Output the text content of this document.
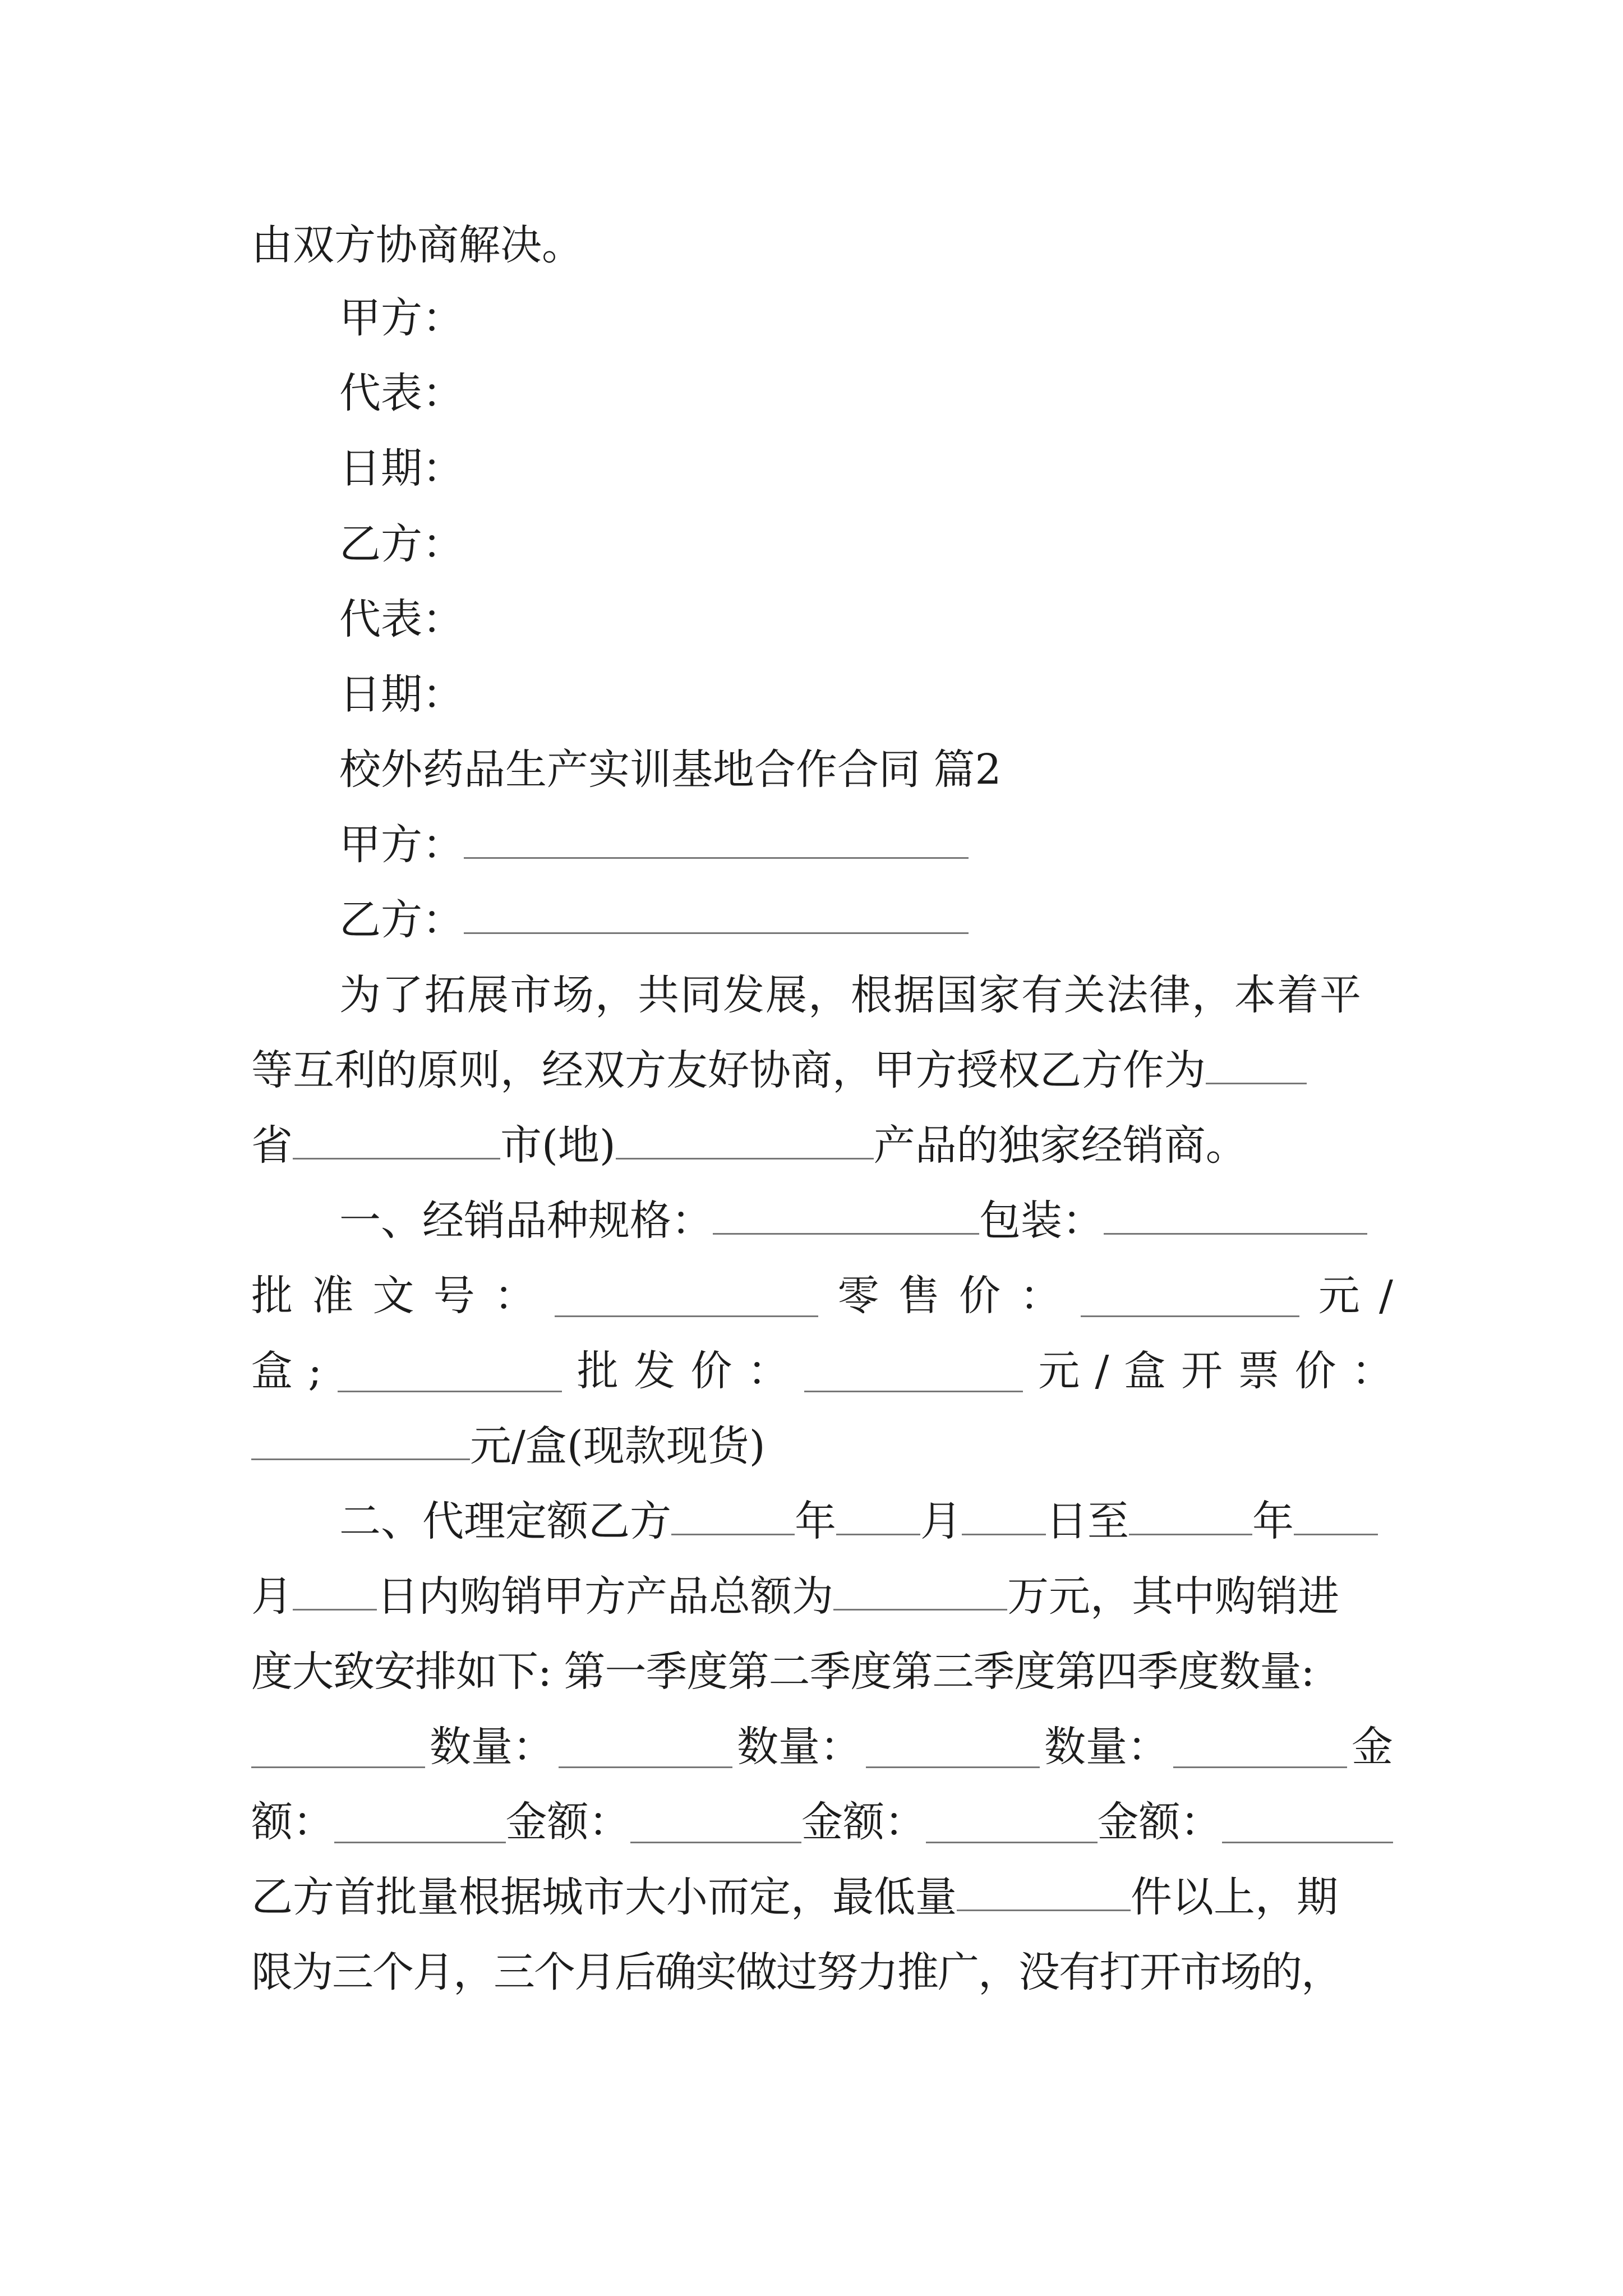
由双方协商解决。
甲方：
代表：
日期：
乙方：
代表：
日期：
校外药品生产实训基地合作合同 篇2
甲方：
乙方：
为了拓展市场，共同发展，根据国家有关法律，本着平
等互利的原则，经双方友好协商，甲方授权乙方作为
省	市(地)	产品的独家经销商。
一、经销品种规格：	包装：
批 准 文 号 ：	零 售 价 ：	元 /
盒 ;	批 发 价 ：	元 / 盒 开 票 价 ：
元/盒(现款现货)
二、代理定额乙方	年 月 日至	年
月 日内购销甲方产品总额为	万元，其中购销进
度大致安排如下: 第一季度第二季度第三季度第四季度数量:
数量：	数量：	数量：	金
额：	金额：	金额：	金额：
乙方首批量根据城市大小而定，最低量	件以上，期
限为三个月，三个月后确实做过努力推广，没有打开市场的，
